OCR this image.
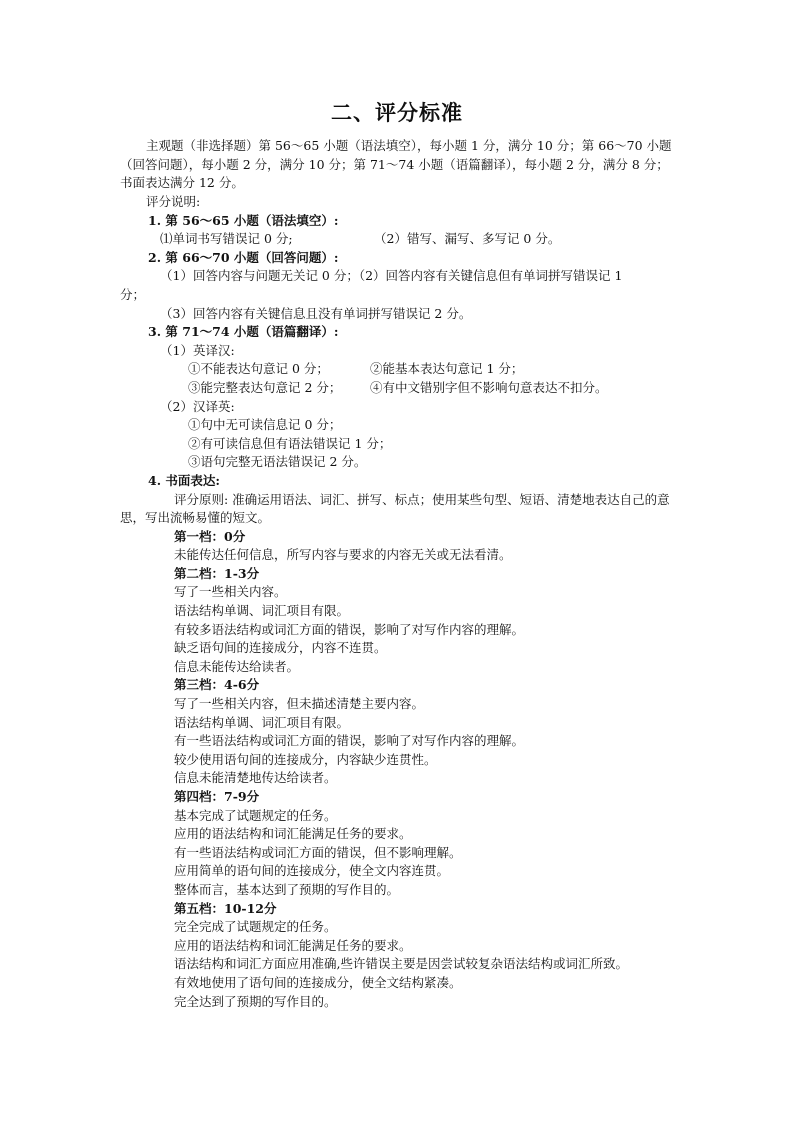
二、评分标准
主观题（非选择题）第 56～65 小题（语法填空），每小题 1 分，满分 10 分；第 66～70 小题（回答问题），每小题 2 分，满分 10 分；第 71～74 小题（语篇翻译），每小题 2 分，满分 8 分；书面表达满分 12 分。
评分说明:
1. 第 56～65 小题（语法填空）:
⑴单词书写错误记 0 分;	（2）错写、漏写、多写记 0 分。
2. 第 66～70 小题（回答问题）:
（1）回答内容与问题无关记 0 分；（2）回答内容有关键信息但有单词拼写错误记 1
分；
（3）回答内容有关键信息且没有单词拼写错误记 2 分。
3. 第 71～74 小题（语篇翻译）:
（1）英译汉:
①不能表达句意记 0 分；	②能基本表达句意记 1 分；
③能完整表达句意记 2 分； ④有中文错别字但不影响句意表达不扣分。
（2）汉译英:
①句中无可读信息记 0 分；
②有可读信息但有语法错误记 1 分；
③语句完整无语法错误记 2 分。
4. 书面表达:
评分原则: 准确运用语法、词汇、拼写、标点；使用某些句型、短语、清楚地表达自己的意思，写出流畅易懂的短文。
第一档：0分
未能传达任何信息，所写内容与要求的内容无关或无法看清。
第二档：1-3分
写了一些相关内容。
语法结构单调、词汇项目有限。
有较多语法结构或词汇方面的错误，影响了对写作内容的理解。
缺乏语句间的连接成分，内容不连贯。
信息未能传达给读者。
第三档：4-6分
写了一些相关内容，但未描述清楚主要内容。
语法结构单调、词汇项目有限。
有一些语法结构或词汇方面的错误，影响了对写作内容的理解。
较少使用语句间的连接成分，内容缺少连贯性。
信息未能清楚地传达给读者。
第四档：7-9分
基本完成了试题规定的任务。
应用的语法结构和词汇能满足任务的要求。
有一些语法结构或词汇方面的错误，但不影响理解。
应用简单的语句间的连接成分，使全文内容连贯。
整体而言，基本达到了预期的写作目的。
第五档：10-12分
完全完成了试题规定的任务。
应用的语法结构和词汇能满足任务的要求。
语法结构和词汇方面应用准确,些许错误主要是因尝试较复杂语法结构或词汇所致。
有效地使用了语句间的连接成分，使全文结构紧凑。
完全达到了预期的写作目的。
